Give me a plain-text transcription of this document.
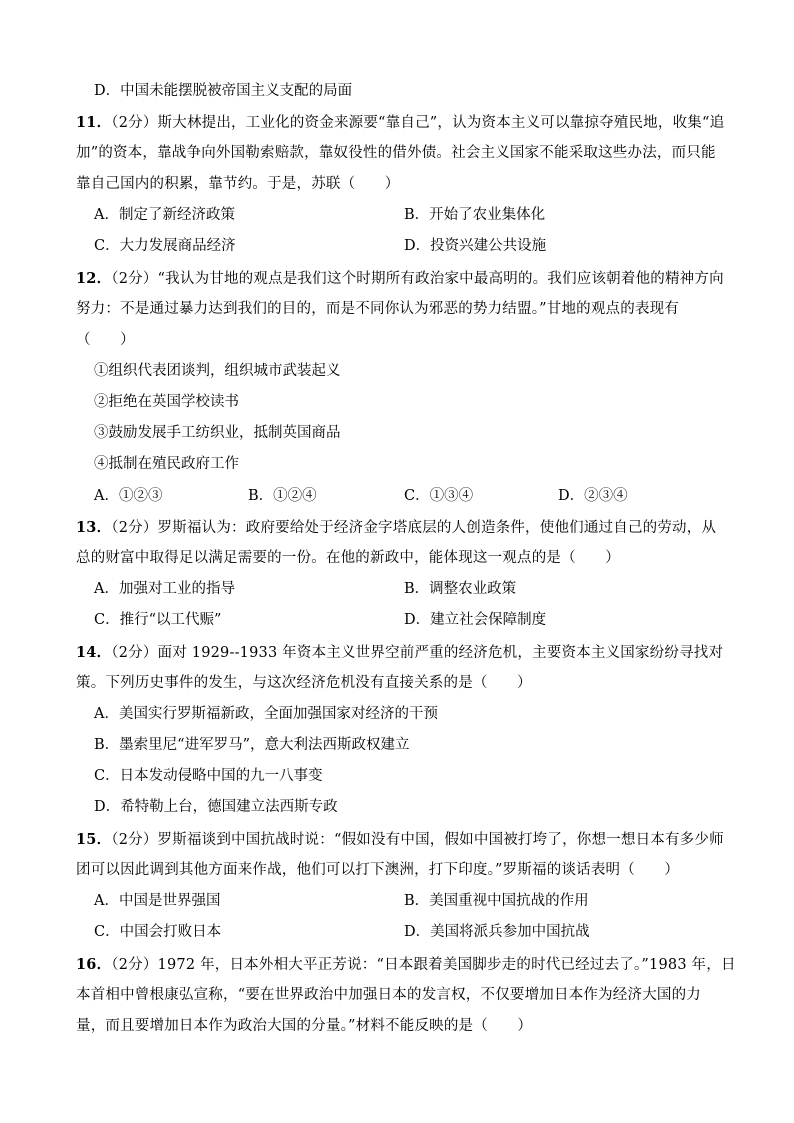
D．中国未能摆脱被帝国主义支配的局面
11．（2分）斯大林提出，工业化的资金来源要“靠自己”，认为资本主义可以靠掠夺殖民地，收集“追
加”的资本，靠战争向外国勒索赔款，靠奴役性的借外债。社会主义国家不能采取这些办法，而只能
靠自己国内的积累，靠节约。于是，苏联（　　）
A．制定了新经济政策	B．开始了农业集体化
C．大力发展商品经济	D．投资兴建公共设施
12．（2分）“我认为甘地的观点是我们这个时期所有政治家中最高明的。我们应该朝着他的精神方向
努力：不是通过暴力达到我们的目的，而是不同你认为邪恶的势力结盟。”甘地的观点的表现有
（　　）
①组织代表团谈判，组织城市武装起义
②拒绝在英国学校读书
③鼓励发展手工纺织业，抵制英国商品
④抵制在殖民政府工作
A．①②③	B．①②④	C．①③④	D．②③④
13．（2分）罗斯福认为：政府要给处于经济金字塔底层的人创造条件，使他们通过自己的劳动，从
总的财富中取得足以满足需要的一份。在他的新政中，能体现这一观点的是（　　）
A．加强对工业的指导	B．调整农业政策
C．推行“以工代赈”	D．建立社会保障制度
14．（2分）面对 1929--1933 年资本主义世界空前严重的经济危机，主要资本主义国家纷纷寻找对
策。下列历史事件的发生，与这次经济危机没有直接关系的是（　　）
A．美国实行罗斯福新政，全面加强国家对经济的干预
B．墨索里尼“进军罗马”，意大利法西斯政权建立
C．日本发动侵略中国的九一八事变
D．希特勒上台，德国建立法西斯专政
15．（2分）罗斯福谈到中国抗战时说：“假如没有中国，假如中国被打垮了，你想一想日本有多少师
团可以因此调到其他方面来作战，他们可以打下澳洲，打下印度。”罗斯福的谈话表明（　　）
A．中国是世界强国	B．美国重视中国抗战的作用
C．中国会打败日本	D．美国将派兵参加中国抗战
16．（2分）1972 年，日本外相大平正芳说：“日本跟着美国脚步走的时代已经过去了。”1983 年，日
本首相中曾根康弘宣称，“要在世界政治中加强日本的发言权，不仅要增加日本作为经济大国的力
量，而且要增加日本作为政治大国的分量。”材料不能反映的是（　　）
